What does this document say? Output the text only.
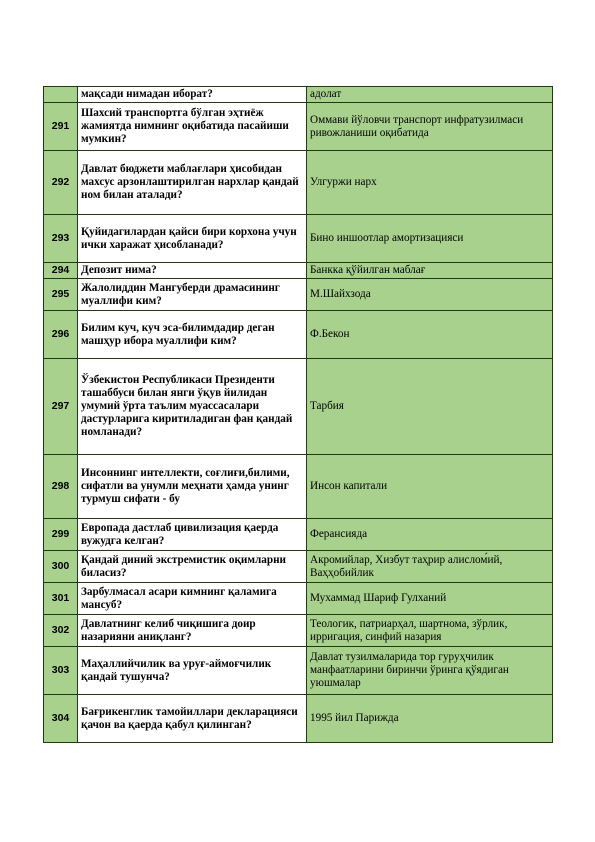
	мақсади нимадан иборат?	адолат
291	Шахсий транспортга бўлган эҳтиёж жамиятда нимнинг оқибатида пасайиши мумкин?	Оммави йўловчи транспорт инфратузилмаси ривожланиши оқибатида
292	Давлат бюджети маблағлари ҳисобидан махсус арзонлаштирилган нархлар қандай ном билан аталади?	Улгуржи нарх
293	Қуйидагилардан қайси бири корхона учун ички харажат ҳисобланади?	Бино иншоотлар амортизацияси
294	Депозит нима?	Банкка қўйилган маблағ
295	Жалолиддин Мангуберди драмасининг муаллифи ким?	М.Шайхзода
296	Билим куч, куч эса-билимдадир деган машҳур ибора муаллифи ким?	Ф.Бекон
297	Ўзбекистон Республикаси Президенти ташаббуси билан янги ўқув йилидан умумий ўрта таълим муассасалари дастурларига киритиладиган фан қандай номланади?	Тарбия
298	Инсоннинг интеллекти, соғлиғи,билими, сифатли ва унумли меҳнати ҳамда унинг турмуш сифати - бу	Инсон капитали
299	Европада дастлаб цивилизация қаерда вужудга келган?	Ферансияда
300	Қандай диний экстремистик оқимларни биласиз?	Акромийлар, Хизбут таҳрир алислом́ий, Ваҳҳобийлик
301	Зарбулмасал асари кимнинг қаламига мансуб?	Мухаммад Шариф Гулханий
302	Давлатнинг келиб чиқишига доир назарияни аниқланг?	Теологик, патриарҳал, шартнома, зўрлик, ирригация, синфий назария
303	Маҳаллийчилик ва уруғ-аймоғчилик қандай тушунча?	Давлат тузилмаларида тор гуруҳчилик манфаатларини биринчи ўринга қўядиган уюшмалар
304	Бағрикенглик тамойиллари декларацияси қачон ва қаерда қабул қилинган?	1995 йил Парижда
